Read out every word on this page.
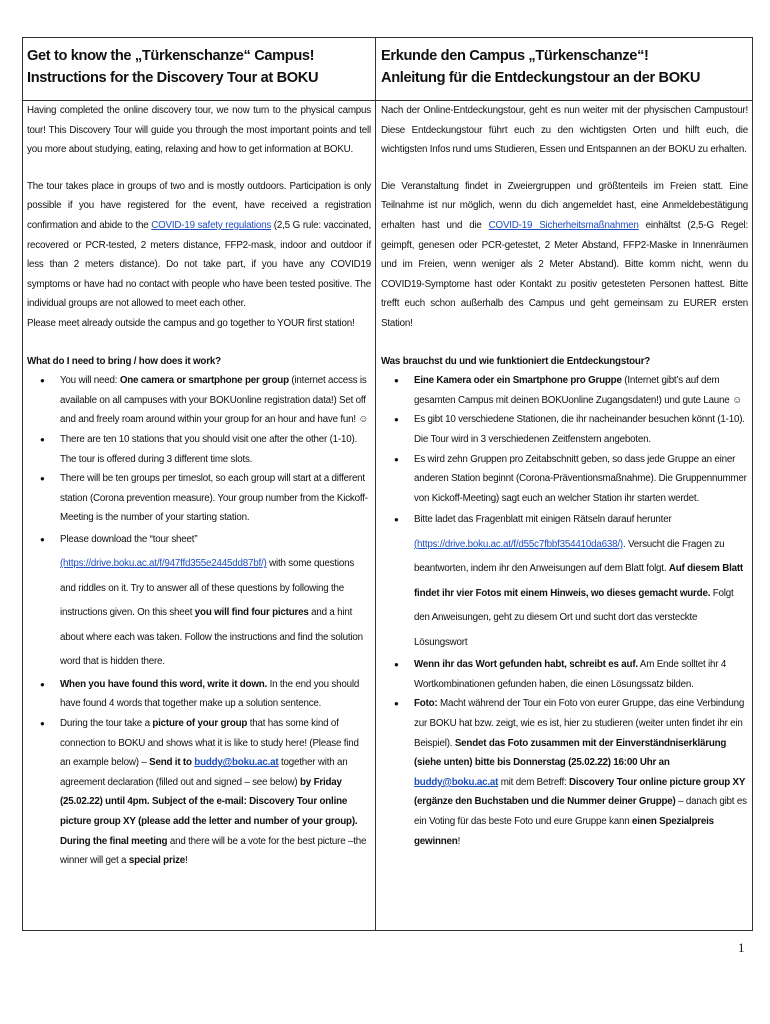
Get to know the „Türkenschanze“ Campus!
Instructions for the Discovery Tour at BOKU

Having completed the online discovery tour, we now turn to the physical campus tour! This Discovery Tour will guide you through the most important points and tell you more about studying, eating, relaxing and how to get information at BOKU.

The tour takes place in groups of two and is mostly outdoors. Participation is only possible if you have registered for the event, have received a registration confirmation and abide to the COVID-19 safety regulations (2,5 G rule: vaccinated, recovered or PCR-tested, 2 meters distance, FFP2-mask, indoor and outdoor if less than 2 meters distance). Do not take part, if you have any COVID19 symptoms or have had no contact with people who have been tested positive. The individual groups are not allowed to meet each other.

Please meet already outside the campus and go together to YOUR first station!

What do I need to bring / how does it work?

● You will need: One camera or smartphone per group (internet access is available on all campuses with your BOKUonline registration data!) Set off and and freely roam around within your group for an hour and have fun! ☺
● There are ten 10 stations that you should visit one after the other (1-10). The tour is offered during 3 different time slots.
● There will be ten groups per timeslot, so each group will start at a different station (Corona prevention measure). Your group number from the Kickoff-Meeting is the number of your starting station.
● Please download the “tour sheet”
(https://drive.boku.ac.at/f/947ffd355e2445dd87bf/) with some questions and riddles on it. Try to answer all of these questions by following the instructions given. On this sheet you will find four pictures and a hint about where each was taken. Follow the instructions and find the solution word that is hidden there.
● When you have found this word, write it down. In the end you should have found 4 words that together make up a solution sentence.
● During the tour take a picture of your group that has some kind of connection to BOKU and shows what it is like to study here! (Please find an example below) – Send it to buddy@boku.ac.at together with an agreement declaration (filled out and signed – see below) by Friday (25.02.22) until 4pm. Subject of the e-mail: Discovery Tour online picture group XY (please add the letter and number of your group). During the final meeting and there will be a vote for the best picture –the winner will get a special prize!
Erkunde den Campus „Türkenschanze“!
Anleitung für die Entdeckungstour an der BOKU

Nach der Online-Entdeckungstour, geht es nun weiter mit der physischen Campustour! Diese Entdeckungstour führt euch zu den wichtigsten Orten und hilft euch, die wichtigsten Infos rund ums Studieren, Essen und Entspannen an der BOKU zu erhalten.

Die Veranstaltung findet in Zweiergruppen und größtenteils im Freien statt. Eine Teilnahme ist nur möglich, wenn du dich angemeldet hast, eine Anmeldebestätigung erhalten hast und die COVID-19 Sicherheitsmaßnahmen einhältst (2,5-G Regel: geimpft, genesen oder PCR-getestet, 2 Meter Abstand, FFP2-Maske in Innenräumen und im Freien, wenn weniger als 2 Meter Abstand). Bitte komm nicht, wenn du COVID19-Symptome hast oder Kontakt zu positiv getesteten Personen hattest. Bitte trefft euch schon außerhalb des Campus und geht gemeinsam zu EURER ersten Station!

Was brauchst du und wie funktioniert die Entdeckungstour?

● Eine Kamera oder ein Smartphone pro Gruppe (Internet gibt’s auf dem gesamten Campus mit deinen BOKUonline Zugangsdaten!) und gute Laune ☺
● Es gibt 10 verschiedene Stationen, die ihr nacheinander besuchen könnt (1-10). Die Tour wird in 3 verschiedenen Zeitfenstern angeboten.
● Es wird zehn Gruppen pro Zeitabschnitt geben, so dass jede Gruppe an einer anderen Station beginnt (Corona-Präventionsmaßnahme). Die Gruppennummer von Kickoff-Meeting) sagt euch an welcher Station ihr starten werdet.
● Bitte ladet das Fragenblatt mit einigen Rätseln darauf herunter (https://drive.boku.ac.at/f/d55c7fbbf354410da638/). Versucht die Fragen zu beantworten, indem ihr den Anweisungen auf dem Blatt folgt. Auf diesem Blatt findet ihr vier Fotos mit einem Hinweis, wo dieses gemacht wurde. Folgt den Anweisungen, geht zu diesem Ort und sucht dort das versteckte Lösungswort
● Wenn ihr das Wort gefunden habt, schreibt es auf. Am Ende solltet ihr 4 Wortkombinationen gefunden haben, die einen Lösungssatz bilden.
● Foto: Macht während der Tour ein Foto von eurer Gruppe, das eine Verbindung zur BOKU hat bzw. zeigt, wie es ist, hier zu studieren (weiter unten findet ihr ein Beispiel). Sendet das Foto zusammen mit der Einverständniserklärung (siehe unten) bitte bis Donnerstag (25.02.22) 16:00 Uhr an buddy@boku.ac.at mit dem Betreff: Discovery Tour online picture group XY (ergänze den Buchstaben und die Nummer deiner Gruppe) – danach gibt es ein Voting für das beste Foto und eure Gruppe kann einen Spezialpreis gewinnen!
1
